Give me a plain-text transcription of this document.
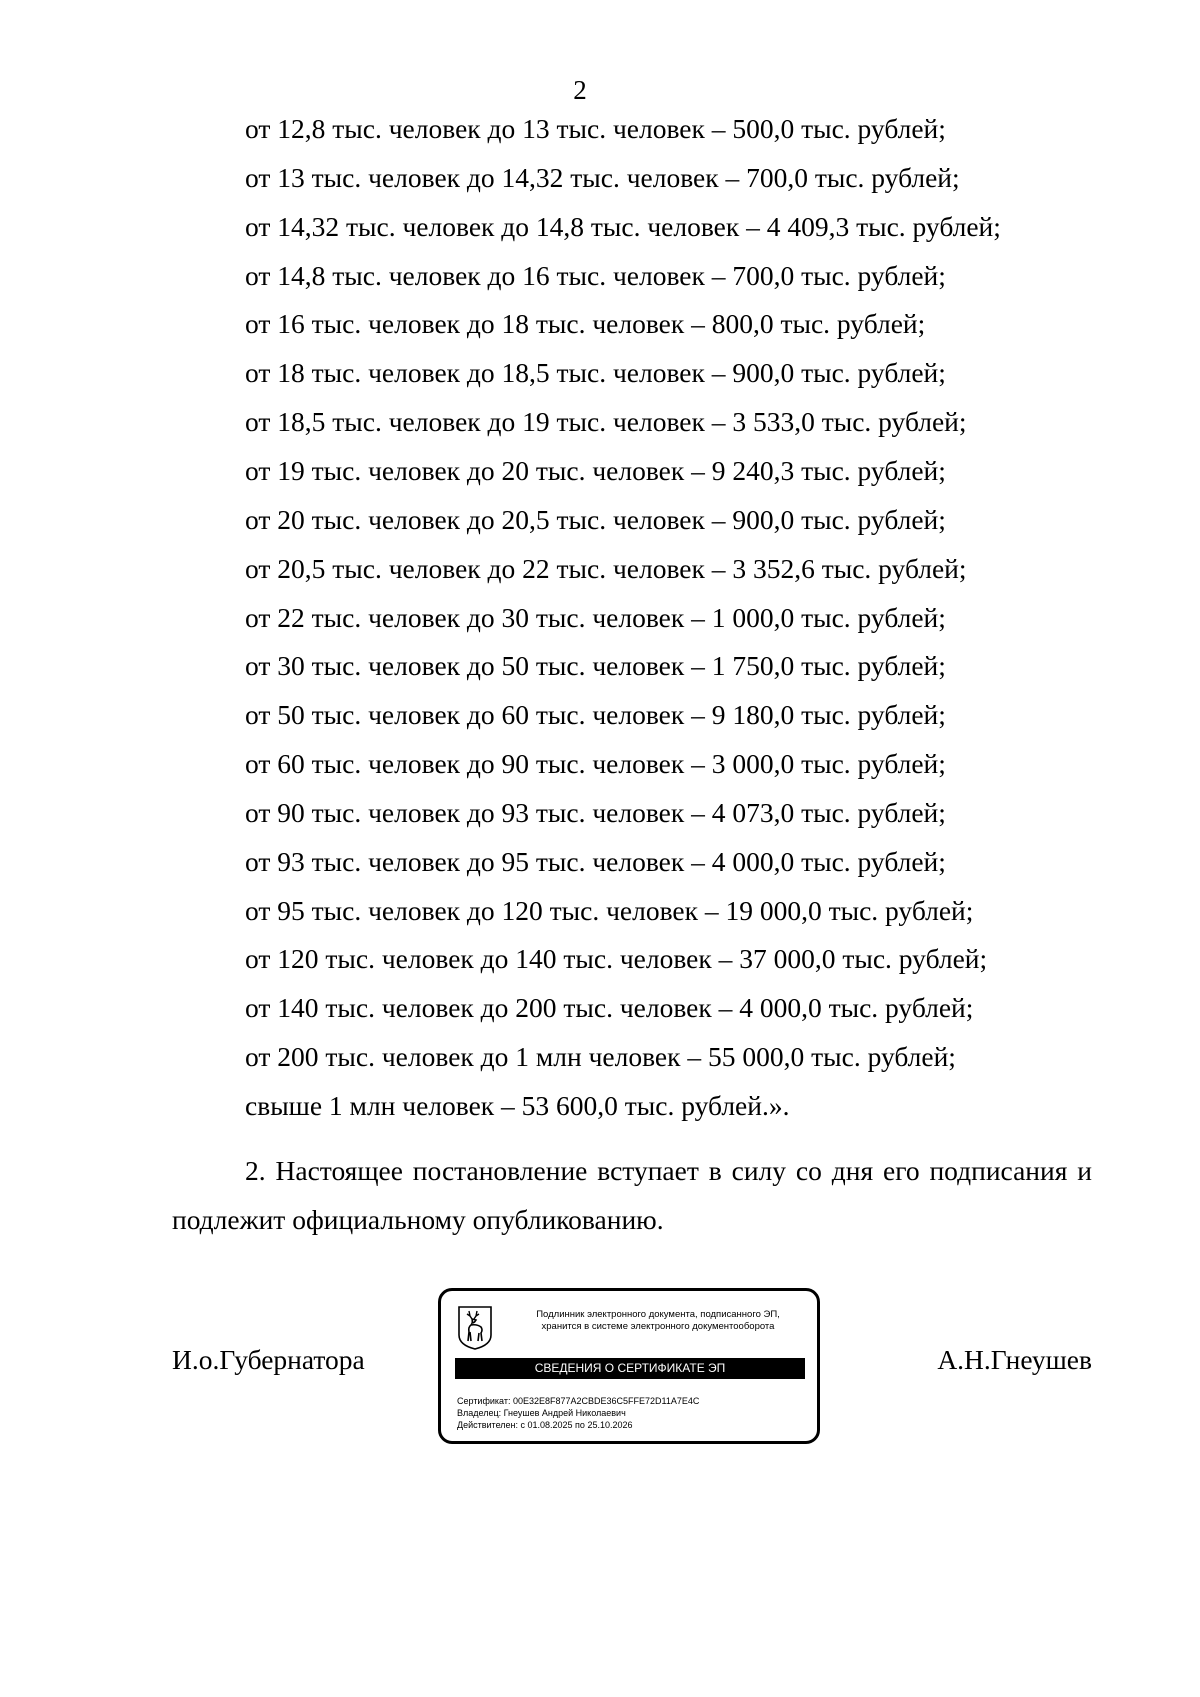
2
от 12,8 тыс. человек до 13 тыс. человек – 500,0 тыс. рублей;
от 13 тыс. человек до 14,32 тыс. человек – 700,0 тыс. рублей;
от 14,32 тыс. человек до 14,8 тыс. человек – 4 409,3 тыс. рублей;
от 14,8 тыс. человек до 16 тыс. человек – 700,0 тыс. рублей;
от 16 тыс. человек до 18 тыс. человек – 800,0 тыс. рублей;
от 18 тыс. человек до 18,5 тыс. человек – 900,0 тыс. рублей;
от 18,5 тыс. человек до 19 тыс. человек – 3 533,0 тыс. рублей;
от 19 тыс. человек до 20 тыс. человек – 9 240,3 тыс. рублей;
от 20 тыс. человек до 20,5 тыс. человек – 900,0 тыс. рублей;
от 20,5 тыс. человек до 22 тыс. человек – 3 352,6 тыс. рублей;
от 22 тыс. человек до 30 тыс. человек – 1 000,0 тыс. рублей;
от 30 тыс. человек до 50 тыс. человек – 1 750,0 тыс. рублей;
от 50 тыс. человек до 60 тыс. человек – 9 180,0 тыс. рублей;
от 60 тыс. человек до 90 тыс. человек – 3 000,0 тыс. рублей;
от 90 тыс. человек до 93 тыс. человек – 4 073,0 тыс. рублей;
от 93 тыс. человек до 95 тыс. человек – 4 000,0 тыс. рублей;
от 95 тыс. человек до 120 тыс. человек – 19 000,0 тыс. рублей;
от 120 тыс. человек до 140 тыс. человек – 37 000,0 тыс. рублей;
от 140 тыс. человек до 200 тыс. человек – 4 000,0 тыс. рублей;
от 200 тыс. человек до 1 млн человек – 55 000,0 тыс. рублей;
свыше 1 млн человек – 53 600,0 тыс. рублей.».
2. Настоящее постановление вступает в силу со дня его подписания и подлежит официальному опубликованию.
И.о.Губернатора	А.Н.Гнеушев
Подлинник электронного документа, подписанного ЭП,
хранится в системе электронного документооборота
СВЕДЕНИЯ О СЕРТИФИКАТЕ ЭП
Сертификат: 00E32E8F877A2CBDE36C5FFE72D11A7E4C
Владелец: Гнеушев Андрей Николаевич
Действителен: с 01.08.2025 по 25.10.2026
